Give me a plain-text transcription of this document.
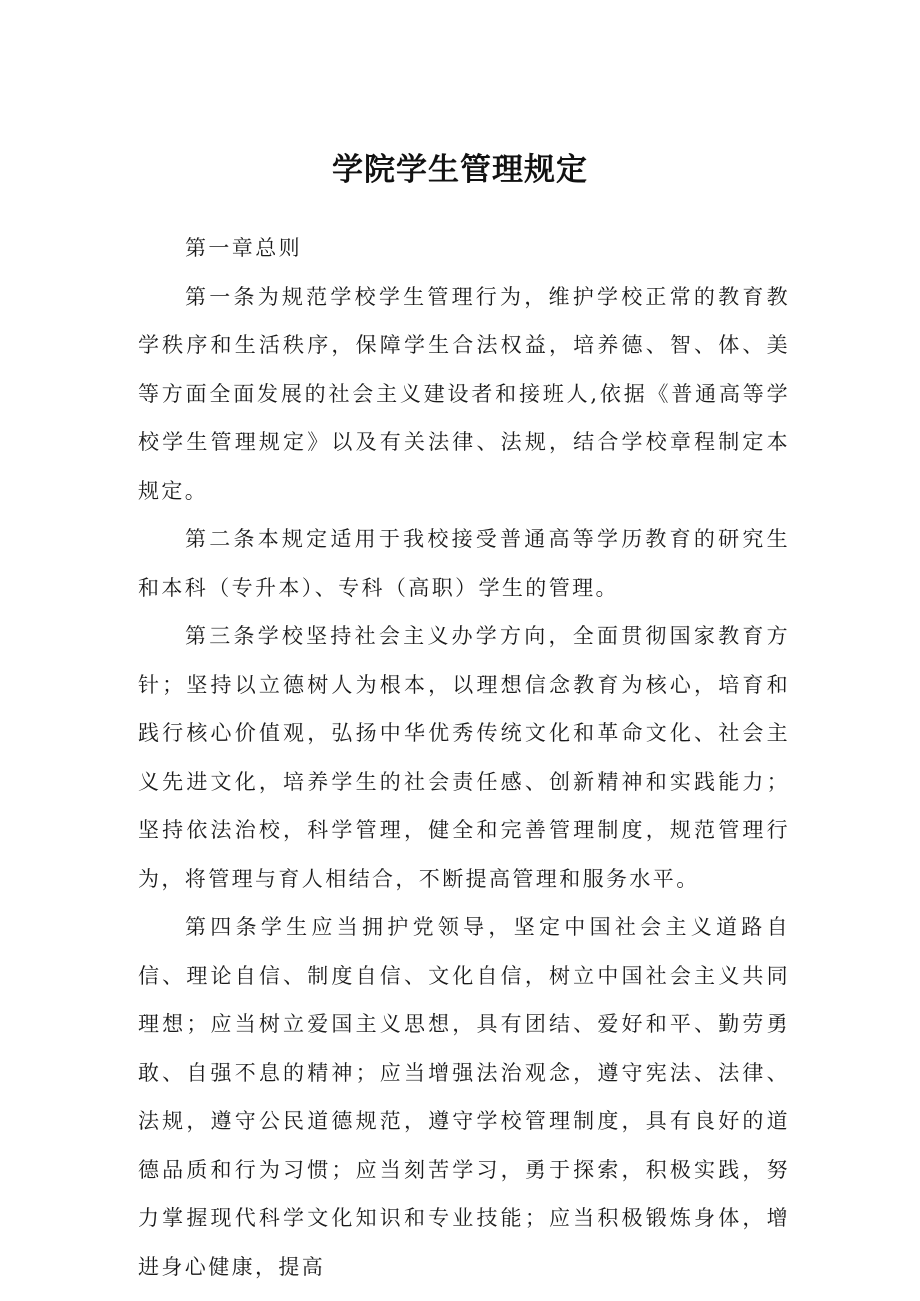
学院学生管理规定

第一章总则

第一条为规范学校学生管理行为，维护学校正常的教育教学秩序和生活秩序，保障学生合法权益，培养德、智、体、美等方面全面发展的社会主义建设者和接班人,依据《普通高等学校学生管理规定》以及有关法律、法规，结合学校章程制定本规定。

第二条本规定适用于我校接受普通高等学历教育的研究生和本科（专升本）、专科（高职）学生的管理。

第三条学校坚持社会主义办学方向，全面贯彻国家教育方针；坚持以立德树人为根本，以理想信念教育为核心，培育和践行核心价值观，弘扬中华优秀传统文化和革命文化、社会主义先进文化，培养学生的社会责任感、创新精神和实践能力；坚持依法治校，科学管理，健全和完善管理制度，规范管理行为，将管理与育人相结合，不断提高管理和服务水平。

第四条学生应当拥护党领导，坚定中国社会主义道路自信、理论自信、制度自信、文化自信，树立中国社会主义共同理想；应当树立爱国主义思想，具有团结、爱好和平、勤劳勇敢、自强不息的精神；应当增强法治观念，遵守宪法、法律、法规，遵守公民道德规范，遵守学校管理制度，具有良好的道德品质和行为习惯；应当刻苦学习，勇于探索，积极实践，努力掌握现代科学文化知识和专业技能；应当积极锻炼身体，增进身心健康，提高
